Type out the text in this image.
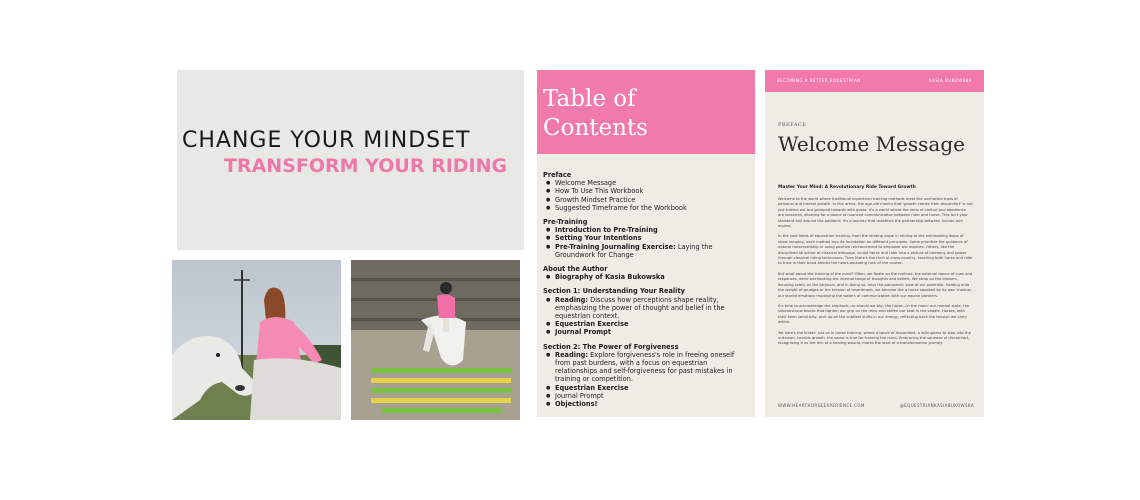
CHANGE YOUR MINDSET
TRANSFORM YOUR RIDING
Table of Contents
Preface
● Welcome Message
● How To Use This Workbook
● Growth Mindset Practice
● Suggested Timeframe for the Workbook
Pre-Training
● Introduction to Pre-Training
● Setting Your Intentions
● Pre-Training Journaling Exercise: Laying the Groundwork for Change
About the Author
● Biography of Kasia Bukowska
Section 1: Understanding Your Reality
● Reading: Discuss how perceptions shape reality, emphasizing the power of thought and belief in the equestrian context.
● Equestrian Exercise
● Journal Prompt
Section 2: The Power of Forgiveness
● Reading: Explore forgiveness's role in freeing oneself from past burdens, with a focus on equestrian relationships and self-forgiveness for past mistakes in training or competition.
● Equestrian Exercise
● Journal Prompt
● Objections!
BECOMING A BETTER EQUESTRIAN	KASIA BUKOWSKA
PREFACE
Welcome Message
Master Your Mind: A Revolutionary Ride Toward Growth

Welcome to the world where traditional equestrian training methods meet the uncharted trails of personal and mental growth. In this arena, the age-old maxim that 'growth comes from discomfort' is not just trotted out but galloped towards with gusto. It's a world where the reins of control and obedience are loosened, allowing for a dance of nuanced communication between rider and horse. This isn't your standard trot around the paddock; it's a journey that redefines the partnership between human and equine.

In the vast fields of equestrian training, from the striding slope in reining to the exhilarating leaps of show jumping, each method lays its foundation on different principles. Some prioritize the guidance of natural horsemanship or using positive reinforcement to empower our equines. Others, like the disciplined structure of classical dressage, sculpt horse and rider into a picture of harmony and power through classical riding techniques. Then there's the thrill of cross-country, teaching both horse and rider to trust in their bond amidst the heart-pounding rush of the course.

But what about the training of the mind? Often, we fixate on the method, the external dance of cues and responses, while overlooking the internal tango of thoughts and beliefs. We strap on the blinkers, focusing solely on the physical, and in doing so, miss the panoramic view of our potential. Holding onto the weight of grudges or the tension of resentment, we become like a horse spooked by its own shadow, our stored emotions muddying the waters of communication with our equine partners.

It's time to acknowledge the elephant—or should we say, the horse—in the room: our mental state, the subconscious blocks that tighten our grip on the reins and stiffen our seat in the saddle. Horses, with their keen sensitivity, pick up on the subtlest shifts in our energy, reflecting back the tension we carry within.

Yet here's the kicker: just as in horse training, where a touch of discomfort, a willingness to step into the unknown, heralds growth, the same is true for training the mind. Embracing the squeeze of discomfort, recognizing it as the itch of a healing wound, marks the start of a transformative journey.

WWW.HEARTHORSEEXPERIENCE.COM	@EQUESTRIANKASIABUKOWSKA
